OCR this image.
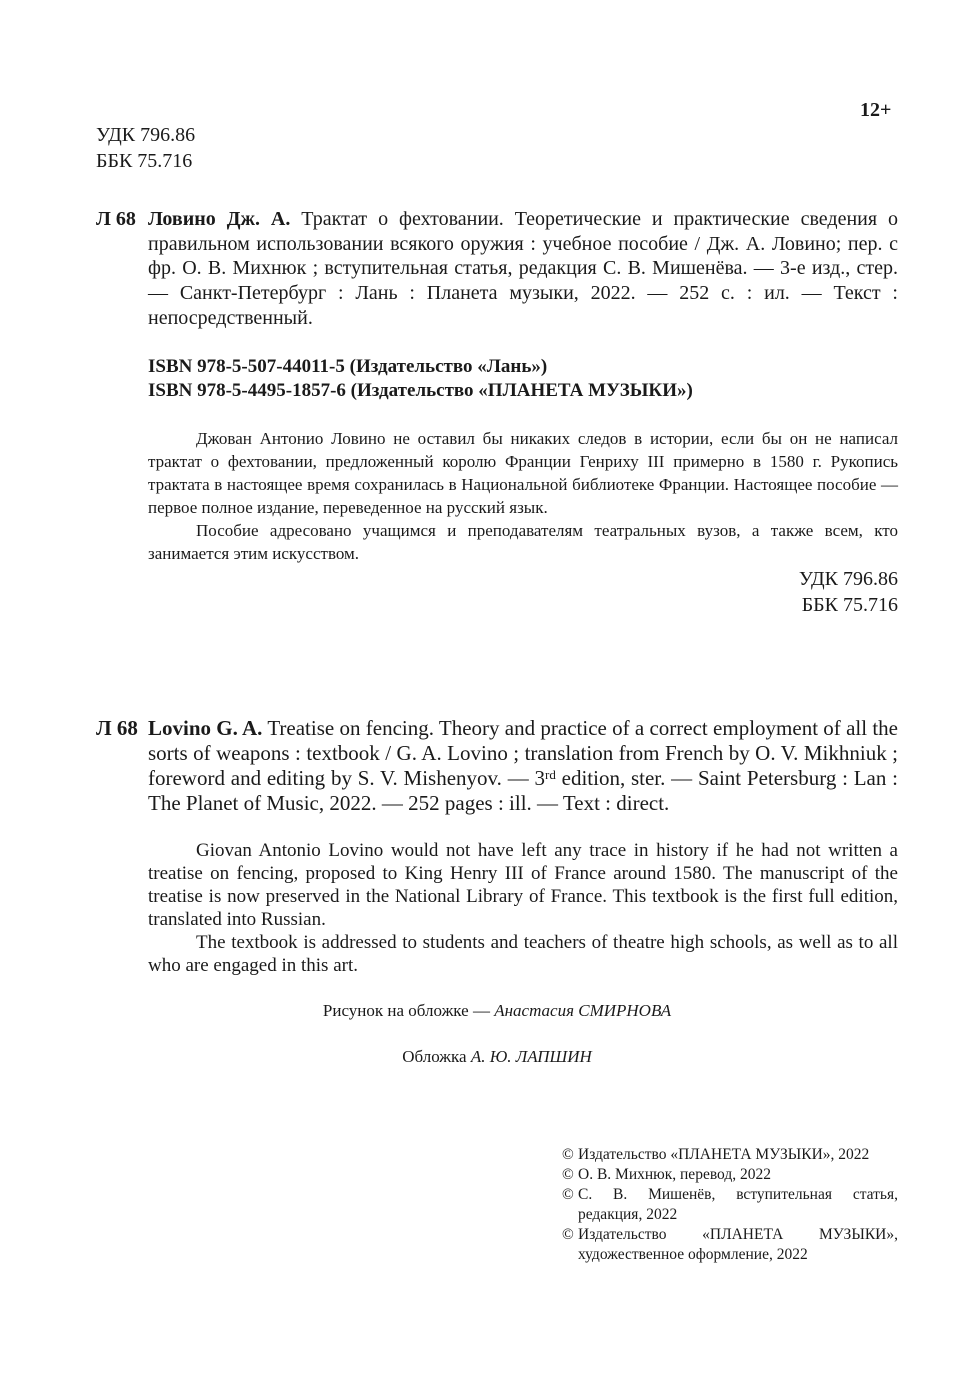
12+
УДК 796.86
ББК 75.716
Л 68 Ловино Дж. А. Трактат о фехтовании. Теоретические и практические сведения о правильном использовании всякого оружия : учебное пособие / Дж. А. Ловино; пер. с фр. О. В. Михнюк ; вступительная статья, редакция С. В. Мишенёва. — 3-е изд., стер. — Санкт-Петербург : Лань : Планета музыки, 2022. — 252 с. : ил. — Текст : непосредственный.
ISBN 978-5-507-44011-5 (Издательство «Лань»)
ISBN 978-5-4495-1857-6 (Издательство «ПЛАНЕТА МУЗЫКИ»)

Джован Антонио Ловино не оставил бы никаких следов в истории, если бы он не написал трактат о фехтовании, предложенный королю Франции Генриху III примерно в 1580 г. Рукопись трактата в настоящее время сохранилась в Национальной библиотеке Франции. Настоящее пособие — первое полное издание, переведенное на русский язык.

Пособие адресовано учащимся и преподавателям театральных вузов, а также всем, кто занимается этим искусством.

УДК 796.86
ББК 75.716
Л 68 Lovino G. A. Treatise on fencing. Theory and practice of a correct employment of all the sorts of weapons : textbook / G. A. Lovino ; translation from French by O. V. Mikhniuk ; foreword and editing by S. V. Mishenyov. — 3rd edition, ster. — Saint Petersburg : Lan : The Planet of Music, 2022. — 252 pages : ill. — Text : direct.

Giovan Antonio Lovino would not have left any trace in history if he had not written a treatise on fencing, proposed to King Henry III of France around 1580. The manuscript of the treatise is now preserved in the National Library of France. This textbook is the first full edition, translated into Russian.

The textbook is addressed to students and teachers of theatre high schools, as well as to all who are engaged in this art.

Рисунок на обложке — Анастасия СМИРНОВА
Обложка А. Ю. ЛАПШИН
© Издательство «ПЛАНЕТА МУЗЫКИ», 2022
© О. В. Михнюк, перевод, 2022
© С. В. Мишенёв, вступительная статья, редакция, 2022
© Издательство «ПЛАНЕТА МУЗЫКИ», художественное оформление, 2022
